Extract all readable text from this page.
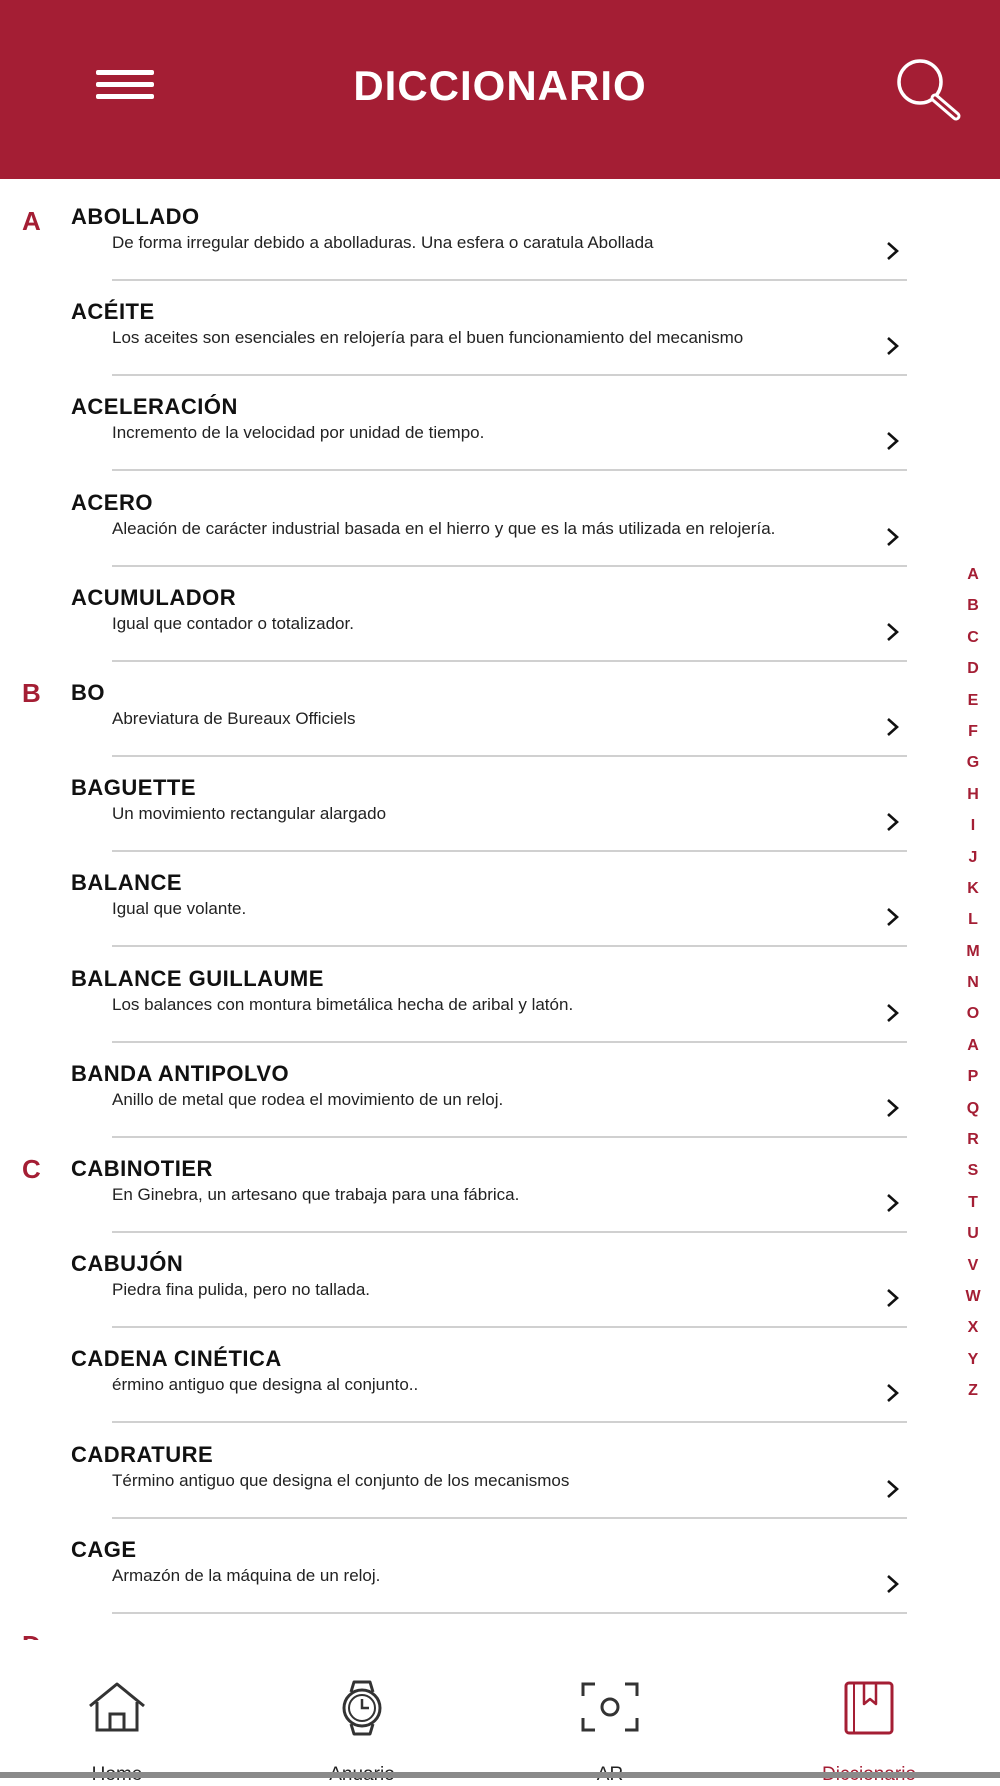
DICCIONARIO
A ABOLLADO
De forma irregular debido a abolladuras. Una esfera o caratula Abollada
ACÉITE
Los aceites son esenciales en relojería para el buen funcionamiento del mecanismo
ACELERACIÓN
Incremento de la velocidad por unidad de tiempo.
ACERO
Aleación de carácter industrial basada en el hierro y que es la más utilizada en relojería.
ACUMULADOR
Igual que contador o totalizador.
B BO
Abreviatura de Bureaux Officiels
BAGUETTE
Un movimiento rectangular alargado
BALANCE
Igual que volante.
BALANCE GUILLAUME
Los balances con montura bimetálica hecha de aribal y latón.
BANDA ANTIPOLVO
Anillo de metal que rodea el movimiento de un reloj.
C CABINOTIER
En Ginebra, un artesano que trabaja para una fábrica.
CABUJÓN
Piedra fina pulida, pero no tallada.
CADENA CINÉTICA
érmino antiguo que designa al conjunto..
CADRATURE
Término antiguo que designa el conjunto de los mecanismos
CAGE
Armazón de la máquina de un reloj.
A
B
C
D
E
F
G
H
I
J
K
L
M
N
O
A
P
Q
R
S
T
U
V
W
X
Y
Z
